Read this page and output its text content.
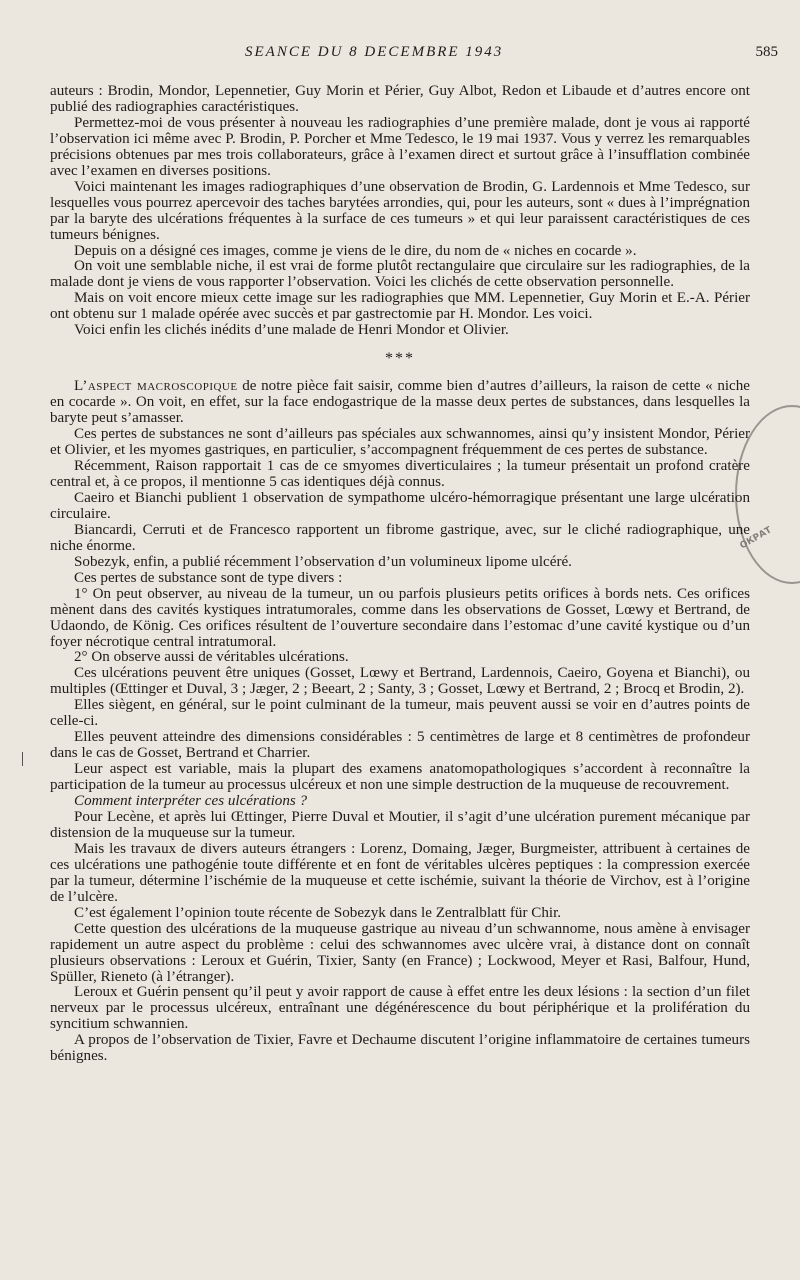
SEANCE DU 8 DECEMBRE 1943	585
ОКРАТ

auteurs : Brodin, Mondor, Lepennetier, Guy Morin et Périer, Guy Albot, Redon et Libaude et d’autres encore ont publié des radiographies caractéristiques.

Permettez-moi de vous présenter à nouveau les radiographies d’une première malade, dont je vous ai rapporté l’observation ici même avec P. Brodin, P. Porcher et Mme Tedesco, le 19 mai 1937. Vous y verrez les remarquables précisions obtenues par mes trois collaborateurs, grâce à l’examen direct et surtout grâce à l’insufflation combinée avec l’examen en diverses positions.

Voici maintenant les images radiographiques d’une observation de Brodin, G. Lardennois et Mme Tedesco, sur lesquelles vous pourrez apercevoir des taches barytées arrondies, qui, pour les auteurs, sont « dues à l’imprégnation par la baryte des ulcérations fréquentes à la surface de ces tumeurs » et qui leur paraissent caractéristiques de ces tumeurs bénignes.

Depuis on a désigné ces images, comme je viens de le dire, du nom de « niches en cocarde ».

On voit une semblable niche, il est vrai de forme plutôt rectangulaire que circulaire sur les radiographies, de la malade dont je viens de vous rapporter l’observation. Voici les clichés de cette observation personnelle.

Mais on voit encore mieux cette image sur les radiographies que MM. Lepennetier, Guy Morin et E.-A. Périer ont obtenu sur 1 malade opérée avec succès et par gastrectomie par H. Mondor. Les voici.

Voici enfin les clichés inédits d’une malade de Henri Mondor et Olivier.

***

L’aspect macroscopique de notre pièce fait saisir, comme bien d’autres d’ailleurs, la raison de cette « niche en cocarde ». On voit, en effet, sur la face endogastrique de la masse deux pertes de substances, dans lesquelles la baryte peut s’amasser.

Ces pertes de substances ne sont d’ailleurs pas spéciales aux schwannomes, ainsi qu’y insistent Mondor, Périer et Olivier, et les myomes gastriques, en particulier, s’accompagnent fréquemment de ces pertes de substance.

Récemment, Raison rapportait 1 cas de ce smyomes diverticulaires ; la tumeur présentait un profond cratère central et, à ce propos, il mentionne 5 cas identiques déjà connus.

Caeiro et Bianchi publient 1 observation de sympathome ulcéro-hémorragique présentant une large ulcération circulaire.

Biancardi, Cerruti et de Francesco rapportent un fibrome gastrique, avec, sur le cliché radiographique, une niche énorme.

Sobezyk, enfin, a publié récemment l’observation d’un volumineux lipome ulcéré.

Ces pertes de substance sont de type divers :

1° On peut observer, au niveau de la tumeur, un ou parfois plusieurs petits orifices à bords nets. Ces orifices mènent dans des cavités kystiques intratumorales, comme dans les observations de Gosset, Lœwy et Bertrand, de Udaondo, de König. Ces orifices résultent de l’ouverture secondaire dans l’estomac d’une cavité kystique ou d’un foyer nécrotique central intratumoral.

2° On observe aussi de véritables ulcérations.

Ces ulcérations peuvent être uniques (Gosset, Lœwy et Bertrand, Lardennois, Caeiro, Goyena et Bianchi), ou multiples (Œttinger et Duval, 3 ; Jæger, 2 ; Beeart, 2 ; Santy, 3 ; Gosset, Lœwy et Bertrand, 2 ; Brocq et Brodin, 2).

Elles siègent, en général, sur le point culminant de la tumeur, mais peuvent aussi se voir en d’autres points de celle-ci.

Elles peuvent atteindre des dimensions considérables : 5 centimètres de large et 8 centimètres de profondeur dans le cas de Gosset, Bertrand et Charrier.

Leur aspect est variable, mais la plupart des examens anatomopathologiques s’accordent à reconnaître la participation de la tumeur au processus ulcéreux et non une simple destruction de la muqueuse de recouvrement.

Comment interpréter ces ulcérations ?

Pour Lecène, et après lui Œttinger, Pierre Duval et Moutier, il s’agit d’une ulcération purement mécanique par distension de la muqueuse sur la tumeur.

Mais les travaux de divers auteurs étrangers : Lorenz, Domaing, Jæger, Burgmeister, attribuent à certaines de ces ulcérations une pathogénie toute différente et en font de véritables ulcères peptiques : la compression exercée par la tumeur, détermine l’ischémie de la muqueuse et cette ischémie, suivant la théorie de Virchov, est à l’origine de l’ulcère.

C’est également l’opinion toute récente de Sobezyk dans le Zentralblatt für Chir.

Cette question des ulcérations de la muqueuse gastrique au niveau d’un schwannome, nous amène à envisager rapidement un autre aspect du problème : celui des schwannomes avec ulcère vrai, à distance dont on connaît plusieurs observations : Leroux et Guérin, Tixier, Santy (en France) ; Lockwood, Meyer et Rasi, Balfour, Hund, Spüller, Rieneto (à l’étranger).

Leroux et Guérin pensent qu’il peut y avoir rapport de cause à effet entre les deux lésions : la section d’un filet nerveux par le processus ulcéreux, entraînant une dégénérescence du bout périphérique et la prolifération du syncitium schwannien.

A propos de l’observation de Tixier, Favre et Dechaume discutent l’origine inflammatoire de certaines tumeurs bénignes.
